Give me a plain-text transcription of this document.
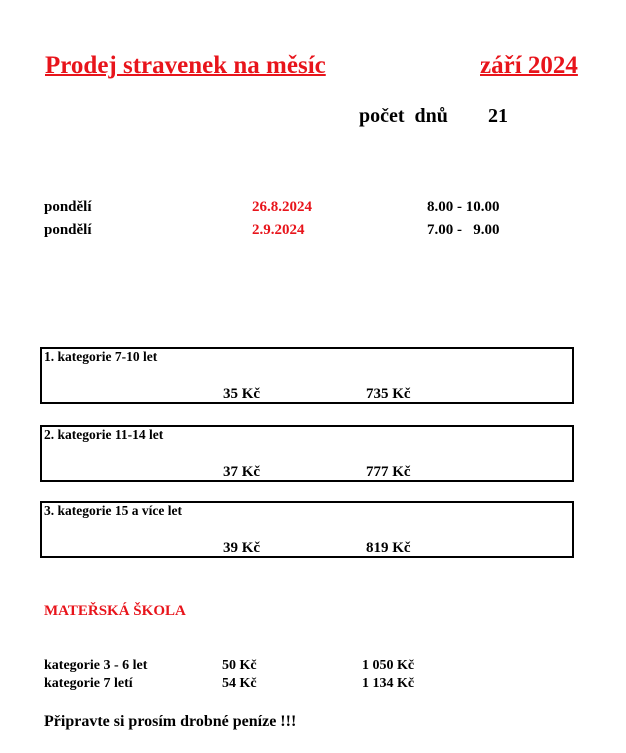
Prodej stravenek na měsíc	září 2024
počet  dnů 21
pondělí	26.8.2024	8.00 - 10.00
pondělí	2.9.2024	7.00 -   9.00
1. kategorie 7-10 let
35 Kč	735 Kč
2. kategorie 11-14 let
37 Kč	777 Kč
3. kategorie 15 a více let
39 Kč	819 Kč
MATEŘSKÁ ŠKOLA
kategorie 3 - 6 let	50 Kč	1 050 Kč
kategorie 7 letí	54 Kč	1 134 Kč
Připravte si prosím drobné peníze !!!
